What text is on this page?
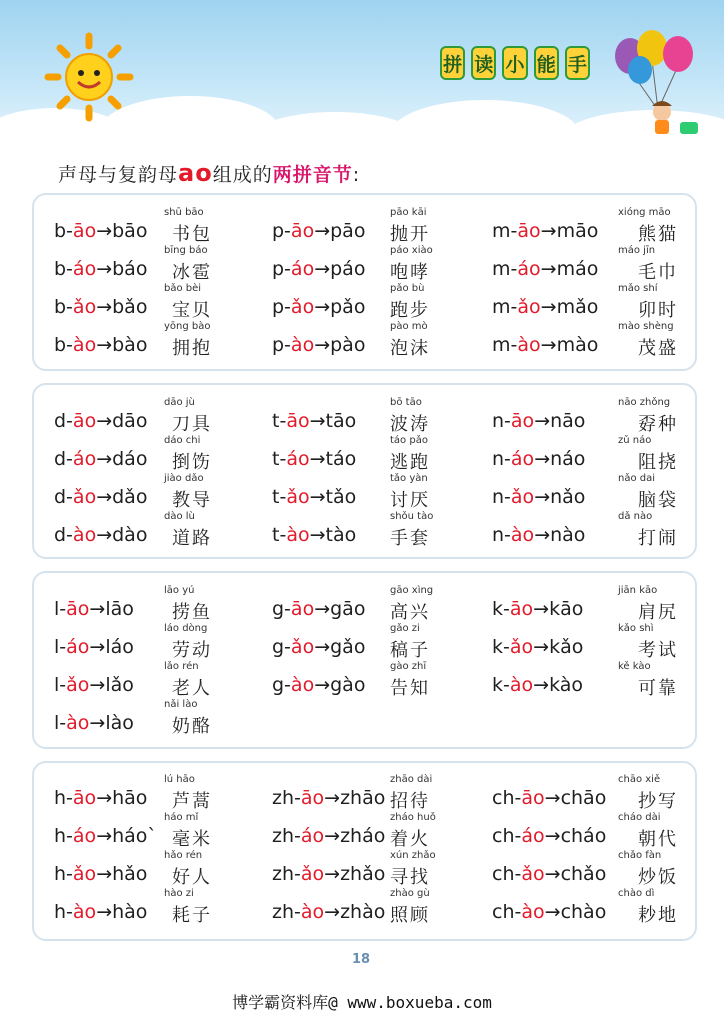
拼 读 小 能 手
声母与复韵母ao组成的两拼音节:
b-āo→bāo
shū bāo
书包
b-áo→báo
bīng báo
冰雹
b-ǎo→bǎo
bǎo bèi
宝贝
b-ào→bào
yōng bào
拥抱
p-āo→pāo
pāo kāi
抛开
p-áo→páo
páo xiào
咆哮
p-ǎo→pǎo
pǎo bù
跑步
p-ào→pào
pào mò
泡沫
m-āo→māo
xióng māo
熊猫
m-áo→máo
máo jīn
毛巾
m-ǎo→mǎo
mǎo shí
卯时
m-ào→mào
mào shèng
茂盛
d-āo→dāo
dāo jù
刀具
d-áo→dáo
dáo chi
捯饬
d-ǎo→dǎo
jiào dǎo
教导
d-ào→dào
dào lù
道路
t-āo→tāo
bō tāo
波涛
t-áo→táo
táo pǎo
逃跑
t-ǎo→tǎo
tǎo yàn
讨厌
t-ào→tào
shǒu tào
手套
n-āo→nāo
nāo zhǒng
孬种
n-áo→náo
zǔ náo
阻挠
n-ǎo→nǎo
nǎo dai
脑袋
n-ào→nào
dǎ nào
打闹
l-āo→lāo
lāo yú
捞鱼
l-áo→láo
láo dòng
劳动
l-ǎo→lǎo
lǎo rén
老人
l-ào→lào
nǎi lào
奶酪
g-āo→gāo
gāo xìng
高兴
g-ǎo→gǎo
gǎo zi
稿子
g-ào→gào
gào zhī
告知
k-āo→kāo
jiān kāo
肩尻
k-ǎo→kǎo
kǎo shì
考试
k-ào→kào
kě kào
可靠
h-āo→hāo
lú hāo
芦蒿
h-áo→háo`
háo mǐ
毫米
h-ǎo→hǎo
hǎo rén
好人
h-ào→hào
hào zi
耗子
zh-āo→zhāo
zhāo dài
招待
zh-áo→zháo
zháo huǒ
着火
zh-ǎo→zhǎo
xún zhǎo
寻找
zh-ào→zhào
zhào gù
照顾
ch-āo→chāo
chāo xiě
抄写
ch-áo→cháo
cháo dài
朝代
ch-ǎo→chǎo
chǎo fàn
炒饭
ch-ào→chào
chào dì
耖地
18
博学霸资料库@ www.boxueba.com
